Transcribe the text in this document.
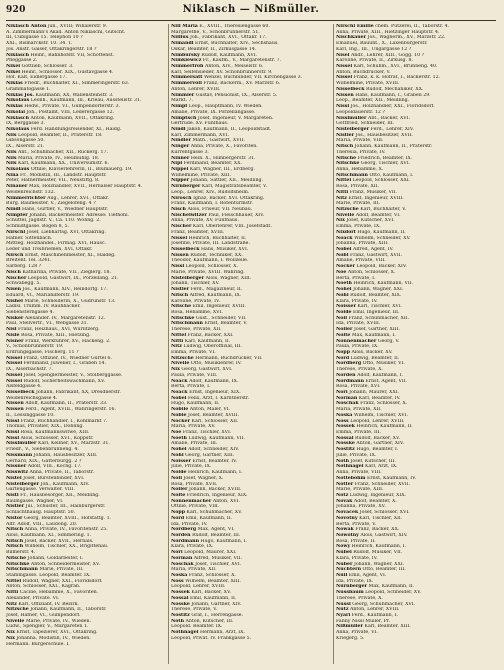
920	Niklasch — Nißmüller.
Niklasch Anton jun., XVIII; Wihalerstr. 9.
A. Zimmermann's Akad. Anton Niklaschl, Gutscht.
III, Cubigasse 15. Telephon 10 ?
XXI., Bismarckstr. 10. 34. T.
Jos. Anstr. Gaiser, Ottakringerstr. 18 ?
Niklasch Heinr., Bahnhofstr. VII, Schottenst.
Pfleggasse 2.
Nikel Gottlieb, Schlosser. 3.
Nikel Heinr., Schlosser. XIX., Gustavgasse 4.
Hof. Kalt, Eidlergasse 17.
Niklas Friedr., Buchhalter, XI., Simmeringerstr. 63.
Grammatogasse 1.
Niklas Jos. Kaufmann, XX, Wallensteinstr. 3.
Nikolaus Leonh., Kaufmann, III., Krieau, Ausstellstr. 31.
Niklas Hedw., Private, VI., Gumpendorferstr. 3.
Nikolai Joh., Postamt, VIII, Lederergasse 12.
Niklasch Anton, Kaufmann, XVII., Ottakring.
IX, Berggasse 3.
Nikolaus Ferd. Handlungsreisender, XI., Haidg.
Nils Leopold, Beamter, II., Praterstr. 18.
Gibsongasse 50.
IX., Alserstr. 21.
Nils Ant., Schuhmacher, XII., Ruckerg. 17.
Nils Maria, Private, IV., Heumühlg. 18.
Nils Karl, Kaufmann, XX., Universumstr. 6.
Nikolaus Ottilie, Klavierlehrerin, II., Blumauerg. 19.
Nina Fr., Modistin, III., Landstr. Hauptstr.
Peter, Hafnermeister, VII., Neustiftg. 8.
Ninauer Max, Holzhändler, XVII., Hernalser Hauptstr. 4.
Weidenreichstr. 132.
Nimmerrichter Aug., Lehrer, XVI., Ottakr.
Burg. Baumeister, V., Ziegelofeng. 4 ?
Nindl Hans, Gürtler, V., Wiedner Hauptstr.
Nimpfer Johann, Bäckermeister. Adresse: Tiefhöhl.
Schüttel, Jagdstr. V., Ca. 110. Wohng. 2.
Schmidtgasse. Bögen 8, 5.
Nirschl Josef, Liebhartsg. XVI, Ottakring.
Hafner. Sittenbach.
Mittleg. Holzhandel., Firmag. XVI, Hausc.
Leder und Treibriemen, XVI, Ottakr.
Nirsch Ernst, Maschinenmeister, XI., Haideg.
Breitenf. Tel. 3241.
Sarberg. 128 ?
Nisch Katharina, Private, VII., Zieglerg. 18.
Nischer Leopold, Gastwirt, IX., Porzellang. 21.
Schwabegg. 5.
Nisen Jos., Kaufmann, XIV., Reindorfg. 17.
Eduard, VI., Mariahilferstr. 19.
Nishel Marie, Schneiderin, X., Gudrunstr. 13.
Ladisl. Trumm. IV. Rauhbäcker.
Siebensterngasse 4.
Nisker Alexander. IV., Margaretenstr. 12.
Paul, Stellvertr., VI., Webgasse 31.
Nisl Franz, Heizhaus., XVI, Wurlitzerg.
Nisle Rosa, Private, XIII., Hietzing.
Nisner Franz, Werkführer, XV., Hackeng. 2.
V., Schönbrunnerstr. 19.
Erdrungsgasse, Fischerg. 11 ?
Nissel Franz, Offizier, IV., Wiedner Gürtel 6.
Nissel Ferdinand, Juwelier, I., Graben 14.
IX., Alserbachstr. 7.
Nissel Josef, Spenglermeister, V., Stolberggasse.
Nissel Rudolf, Sicherheitswachmann, XV.
Alsfeldgasse 4.
Nisselbeck Johann, Fabrikant, XX, Dresdnerstr.
Weidenreichsgasse 4.
Nissen Adolf, Kaufmann, II., Praterstr. 33.
Nissen Ferd., Agent, XVIII., Währingerstr. 16.
II., Lessinggasse 10.
Nissl Franz, Buchhändler, I., Kohlmarkt 7.
Thomas, Privatier, XIX., Döbling.
Nissl Rosa, Kaufmannswitwe, XIII.
Nissl Alois, Schlosser, XVI., Koppstr.
Nisslmüller Karl, Kellner, XV., Märzstr. 31.
Friedr., V., Siebenbrunneng. 4.
Nissmann Johann, Hausbesitzer, XIII.
Gerhard, XIX., Gatterburgg. 2 ?
Nissner Adolf, VIII., Kochg. 17.
Nisswitz Anna, Private, II., Taborstr.
Nistel Josef, Bürstenbinder, XVI.
Nistelberger Joh., Kaufmann, XIV.
Gartengasse. Verwalter. VIII.
Nistl Fr., Hausbesorger, XII., Meidling.
Baumgasse. Wagner, VI.
Nistler Jul., Schuster, III., Hainburgerstr.
Schlachthausg. Hauptstr. 50.
Nistor Georg, Beamter, XVIII., Hofstattg. 1.
Alfr. Adolf, VIII., Laudong. 20.
Nitsch Anna, Private, IV., Favoritenstr. 25.
Alois, Kaufmann, XI., Simmering. 1.
Nitsch Josef, Bäcker, XVII., Hernals.
Nitsch Wilhelm, Tischler, XX., Brigittenau.
Bilmerstr. 4.
Nitsche Johann, Goldarbeiter, I.
Nitschke Anton, Schneidermeister, XV.
Nitschmann Marie, Private, III.
Stammgasse. Leopold, Beamter. IX.
Nittel Rudolf, Wagner, XXI., Floridsdorf.
Anton, Schlosser, XXI., Kagran.
Nitti Cäcilie, Hebamme, X., Favoriten.
Alexander, Private. VI.
Nitz Karl, Offiziant, IV. Bezirk.
Nitzsche Johann, Kaufmann, II., Taborstr.
Josef, Hafner, VI., Gumpendorf.
Nivelle Marie, Private, IV., Wieden.
Ludw., Spengler, V., Margareten 1.
Nix Ernst, Tapezierer, XVI., Ottakring.
Nix Johanna, Modistin, IV., Wieden.
Hermann. Bürgerschule. I.
Nill Maria E., XVIII., Theresiengasse 60.
Margarethe, V., Schönbrunnerstr. 51.
Nillius Joh., Fabrikant, XVI., Ottakr. 17.
Nimandl Ernst, Buchhalter, XIV., Sechshaus.
Oskar, Beamter, II., Zirkusgasse 14.
Nimbursky Rudolf, Kaufmann, XVI.
Nimkiewicz Fr., Kaufm., V., Margaretenstr. 7.
Nimmerfroh Anton, XIV., Meiselstr. 6.
Karl, Seifensieder, XV. Schönbrunnerstr. 9.
Nimmersatt Wenzel, Buchbinder, VII. Kirchengasse 3.
Nimmervoll Franz, Bäckerm., XV. Märzstr. 6.
Anton, Lehrer, XVIII.
Nimmler Gustav, Pensionist, IX., Alserstr. 5.
Markt. 7.
Nimpf Leop., Hauptmann, IV. Wieden.
Amalie, Private, IX. Porzellangasse.
Nimptsch Josef, Ingenieur, V. Margareten.
Gertrude. XV. Fünfhaus.
Nindl Jakob, Kaufmann, II., Leopoldstadt.
Karl, Zimmermann, XVI.
Nindler Math., Gastwirt, XVII.
Ninger Anna, Private, X., Favoriten.
Kurrentgasse 3.
Ninner Hein. X., Himbergerstr. 31.
Nipl Ferdinand, Beamter, XX.
Nippel Karl, Wagner, III., Erdberg.
Wilhelmine, Private, XIII.
Nipper Johann, Sattler, XII., Meidling.
Nirnberger Karl, Magistratsbeamter, V.
Leop., Lehrer, XIV., Rudolfsheim.
Nirosch Ignaz, Bäcker, XVI. Ottakring.
Franz, Kaufmann, I. Rotenturmstr.
Nisch Alois, Friseur, VII. Neubau.
Nischelwitzer Paul, Fleischhauer, XIV.
Anna, Private, XV. Fünfhaus.
Nischer Karl, Oberlehrer, VIII. Josefstadt.
Franz, Beamter, XVIII.
Nissel Heinrich, Buchhalter, II.
Josefine, Private, III. Landstraße.
Nisselbeck Hans, Musiker, XVI.
Nissen Rudolf, Techniker, XX.
Theodor, Kaufmann, I. Wollzeile.
Nissl Leopold, Schlosser, X.
Marie, Private, XVIII. Währing.
Nistelberger Alois, Wagner, XIII.
Johann, Tischler, XV.
Nistler Ferd., Magazineur, II.
Nitsch Alfred, Kaufmann, IX.
Karoline, Private, IV.
Nitsche Emil, Ingenieur, XVIII.
Rosa, Hebamme, XVI.
Nitschke Gust., Schneider, VII.
Nitschmann Ernst, Beamter, V.
Therese, Private, XII.
Nittel Franz, Bäcker, XXI.
Nitti Karl, Kaufmann, II.
Nitz Ludwig, Oberoffizial, III.
Emma, Private, VI.
Nitzsche Hermann, Buchdrucker, VII.
Nivelle Otto, Musiklehrer, IV.
Nix Georg, Gastwirt, XVI.
Paula, Private, VIII.
Noack Adolf, Kaufmann, IX.
Berta, Private, I.
Noack Ernst, Ingenieur, XIX.
Nobel Felix, Arzt, I. Kärntnerstr.
Hugo, Kaufmann, II.
Nobile Anton, Maler, VI.
Noble Josef, Beamter, XVIII.
Nocker Karl, Schlosser, XII.
Maria, Private, XV.
Noe Franz, Tischler, XVI.
Noeth Ludwig, Kaufmann, VII.
Amalie, Private, III.
Nohel Adolf, Schneider, XIV.
Nohl Georg, Gärtner, XIII.
Noisser Ernst, Beamter, IV.
Julie, Private, IX.
Nolde Heinrich, Kaufmann, I.
Noll Josef, Wagner, X.
Rosa, Private, XVII.
Noller Johann, Bäcker, XVIII.
Nolte Friedrich, Ingenieur, XIX.
Nonnenmacher Anton, XVI.
Ottilie, Private, VIII.
Nopp Karl, Schuhmacher, XV.
Nord Emil, Kaufmann, II.
Ida, Private, IV.
Nordberg Max, Agent, VI.
Norden Rudolf, Beamter, III.
Nordmann Hugo, Kaufmann, I.
Klara, Private, IX.
Nori Leopold, Maurer, XXI.
Norman Alfred, Musiker, VII.
Noschak Josef, Tischler, XVI.
Maria, Private, XII.
Noska Franz, Schlosser, X.
Noss Wilhelm, Beamter, XIII.
Leopold, Lehrer, XVIII.
Nossek Karl, Bäcker, XV.
Nossal Emil, Kaufmann, II.
Nosske Johann, Gärtner, XIV.
Therese, Private, V.
Nostitz Graf, I., Herrengasse.
Noth Anton, Kutscher, III.
Leopold. Beamter. IX.
Nothnagel Hermann, Arzt, IX.
Leopold, Privat. IV. Frankgasse 5.
Nirschl Emilie chem. Putzerei, II., Taborstr. 4.
Anna, Private, XIII., Hietzinger Hauptstr. 4.
Nischkauer Jos., Wagnerm., XV., Märzstr. 22.
Emanuel, Bauunt., X., Laxenburgerstr.
Karl, Ing., III., Ungargasse 12 ?
Nisel Andr., Lehrer, XIII., Gogg. 10 ?
Karoline, Private, II., Zirkusg. 8.
Nissel Karl, Schuhm., XVI., Brunneng. 40.
Anton, Buchdrucker, V.
Nissel Franz, k. k. Hofrat, I., Bäckerstr. 12.
Wilhelmine, Private, XVIII.
Nisselbeck Rudolf, Mechaniker, XX.
Nissen Hans, Kaufmann, I., Graben 29.
Leop., Beamter, XII., Meidling.
Nissl Jos., Holzhändler, XXI., Floridsdorf.
Leopoldauerstr. 12 ?
Nisslmüller Ant., Bäcker, XVI.
Gottfried, Schneider, III.
Nistelberger Ferd., Lehrer, XIV.
Nistler Jos., Hausbesitzer, XVII.
Maria, Private, VIII.
Nitsch Johann, Kaufmann, II., Praterstr.
Theresia, Private, IV.
Nitsche Friedrich, Beamter, IX.
Nitschke Georg, Tischler, XVI.
Anna, Hebamme, X.
Nitschmann Otto, Kaufmann, I.
Nittel Leopold, Schlosser, XXI.
Rosa, Private, XII.
Nitti Franz, Musiker, VII.
Nitz Ernst, Ingenieur, XVIII.
Marie, Private, III.
Nitzsche Karl, Buchhalter, V.
Nivelle Adolf, Beamter, VI.
Nix Josef, Kutscher, XVI.
Emma, Private, IX.
Nixdorf Hugo, Kaufmann, II.
Noack Wilhelm, Schneider, XV.
Johanna, Private, XIII.
Nobel Alfred, Agent, IV.
Nobl Franz, Gastwirt, XVII.
Amalie, Private, VIII.
Nocker Leopold, Bäcker, XIV.
Noe Anton, Schlosser, X.
Berta, Private, I.
Noeth Heinrich, Kaufmann, VII.
Nohel Johann, Wagner, XXI.
Nohl Rudolf, Beamter, XIX.
Klara, Private, IV.
Noisser Karl, Tischler, XVI.
Nolde Emil, Ingenieur, III.
Noll Franz, Schuhmacher, XII.
Ida, Private, XVIII.
Noller Josef, Gärtner, XIII.
Nolte Max, Kaufmann, I.
Nonnenmacher Georg, V.
Paula, Private, IX.
Nopp Alois, Bäcker, XV.
Nord Ludwig, Beamter, II.
Nordberg Otto, Musiker, VI.
Therese, Private, X.
Norden Adolf, Kaufmann, I.
Nordmann Ernst, Agent, VII.
Rosa, Private, XVI.
Nori Johann, Maurer, XXI.
Norman Karl, Beamter, IV.
Noschak Franz, Schlosser, X.
Maria, Private, XII.
Noska Wilhelm, Tischler, XVI.
Noss Leopold, Lehrer, XVIII.
Nossek Heinrich, Kaufmann, II.
Emma, Private, III.
Nossal Rudolf, Bäcker, XV.
Nosske Anton, Gärtner, XIV.
Nostitz Hugo, Beamter, I.
Julie, Private, IX.
Noth Josef, Kutscher, III.
Nothnagel Karl, Arzt, IX.
Anna, Private, VIII.
Nottebohm Ernst, Kaufmann, IV.
Notter Franz, Schneider, XVII.
Marie, Private, XIII.
Notz Ludwig, Ingenieur, XIX.
Novak Adolf, Beamter, X.
Johanna, Private, XV.
Novacek Josef, Schlosser, XVI.
Novotny Karl, Tischler, XII.
Berta, Private, V.
Nowak Franz, Bäcker, XX.
Nowotny Alois, Gastwirt, XIV.
Rosa, Private, II.
Nowy Heinrich, Kaufmann, I.
Nubel Rudolf, Musiker, VII.
Klara, Private, IV.
Nuber Johann, Wagner, XXI.
Nüchtern Otto, Beamter, III.
Nüll Emil, Agent, VI.
Ida, Private, IX.
Nürnberger Max, Kaufmann, II.
Nussbaum Leopold, Schneider, XV.
Therese, Private, X.
Nussl Georg, Schuhmacher, XVI.
Nutz Anton, Lehrer, XVIII.
Nyari Ferd., Kaufmann, I.
Fanny Nissl Müller, Pr.
Nißmüller Karl, Beamter, XIII.
Anna, Private, VI.
Kriegerg. 5.
